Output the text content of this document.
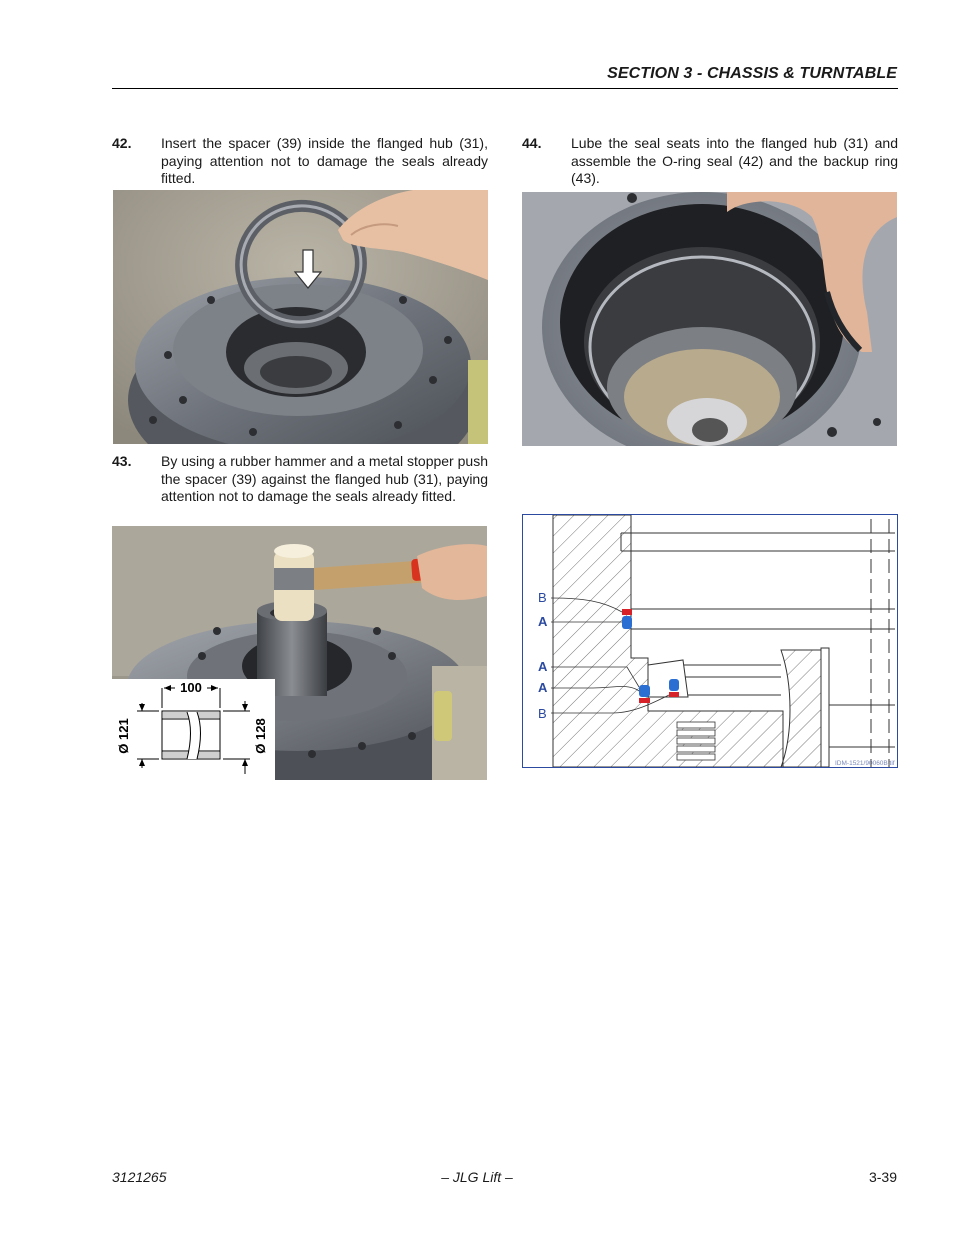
SECTION 3 - CHASSIS & TURNTABLE
42. Insert the spacer (39) inside the flanged hub (31), paying attention not to damage the seals already fitted.
43. By using a rubber hammer and a metal stopper push the spacer (39) against the flanged hub (31), paying attention not to damage the seals already fitted.
100
Ø 121	Ø 128
44. Lube the seal seats into the flanged hub (31) and assemble the O-ring seal (42) and the backup ring (43).
B
A
A
A
B
IDM-1521/90060B.tif
3121265	– JLG Lift –	3-39
